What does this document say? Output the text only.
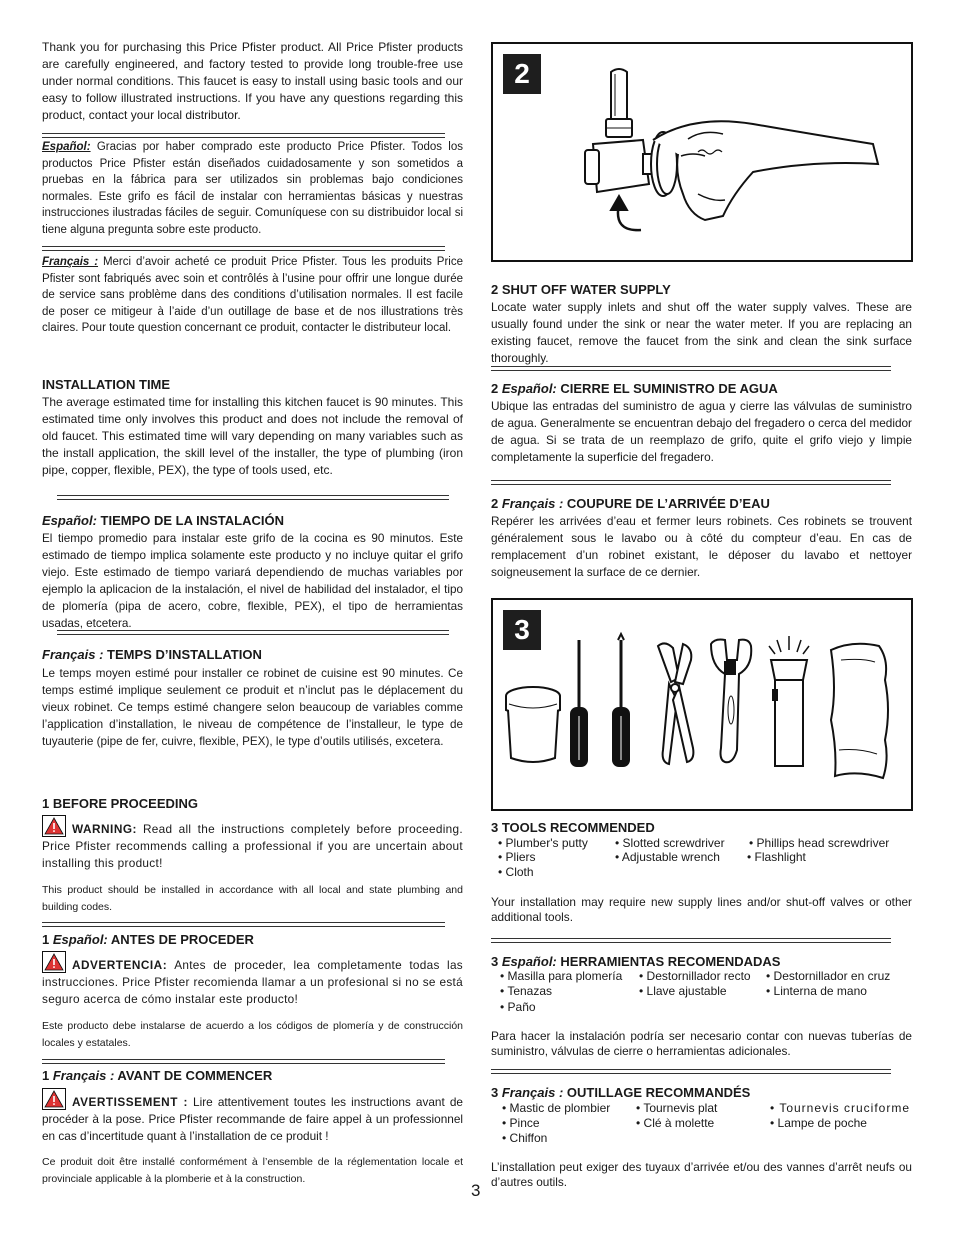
Thank you for purchasing this Price Pfister product. All Price Pfister products are carefully engineered, and factory tested to provide long trouble-free use under normal conditions. This faucet is easy to install using basic tools and our easy to follow illustrated instructions. If you have any questions regarding this product, contact your local distributor.

Español: Gracias por haber comprado este producto Price Pfister. Todos los productos Price Pfister están diseñados cuidadosamente y son sometidos a pruebas en la fábrica para ser utilizados sin problemas bajo condiciones normales. Este grifo es fácil de instalar con herramientas básicas y nuestras instrucciones ilustradas fáciles de seguir. Comuníquese con su distribuidor local si tiene alguna pregunta sobre este producto.

Français : Merci d’avoir acheté ce produit Price Pfister. Tous les produits Price Pfister sont fabriqués avec soin et contrôlés à l’usine pour offrir une longue durée de service sans problème dans des conditions d’utilisation normales. Il est facile de poser ce mitigeur à l’aide d’un outillage de base et de nos illustrations très claires. Pour toute question concernant ce produit, contacter le distributeur local.

INSTALLATION TIME

The average estimated time for installing this kitchen faucet is 90 minutes. This estimated time only involves this product and does not include the removal of old faucet. This estimated time will vary depending on many variables such as the install application, the skill level of the installer, the type of plumbing (iron pipe, copper, flexible, PEX), the type of tools used, etc.

Español: TIEMPO DE LA INSTALACIÓN

El tiempo promedio para instalar este grifo de la cocina es 90 minutos. Este estimado de tiempo implica solamente este producto y no incluye quitar el grifo viejo. Este estimado de tiempo variará dependiendo de muchas variables por ejemplo la aplicacion de la instalación, el nivel de habilidad del instalador, el tipo de plomería (pipa de acero, cobre, flexible, PEX), el tipo de herramientas usadas, etcetera.

Français : TEMPS D’INSTALLATION

Le temps moyen estimé pour installer ce robinet de cuisine est 90 minutes. Ce temps estimé implique seulement ce produit et n’inclut pas le déplacement du vieux robinet. Ce temps estimé changere selon beaucoup de variables comme l’application d’installation, le niveau de compétence de l’installeur, le type de tuyauterie (pipe de fer, cuivre, flexible, PEX), le type d’outils utilisés, excetera.

1 BEFORE PROCEEDING

WARNING: Read all the instructions completely before proceeding. Price Pfister recommends calling a professional if you are uncertain about installing this product!

This product should be installed in accordance with all local and state plumbing and building codes.

1 Español: ANTES DE PROCEDER

ADVERTENCIA: Antes de proceder, lea completamente todas las instrucciones. Price Pfister recomienda llamar a un profesional si no se está seguro acerca de cómo instalar este producto!

Este producto debe instalarse de acuerdo a los códigos de plomería y de construcción locales y estatales.

1 Français : AVANT DE COMMENCER

AVERTISSEMENT : Lire attentivement toutes les instructions avant de procéder à la pose. Price Pfister recommande de faire appel à un professionnel en cas d’incertitude quant à l’installation de ce produit !

Ce produit doit être installé conformément à l’ensemble de la réglementation locale et provinciale applicable à la plomberie et à la construction.

3
2
2 SHUT OFF WATER SUPPLY

Locate water supply inlets and shut off the water supply valves. These are usually found under the sink or near the water meter. If you are replacing an existing faucet, remove the faucet from the sink and clean the sink surface thoroughly.

2 Español: CIERRE EL SUMINISTRO DE AGUA

Ubique las entradas del suministro de agua y cierre las válvulas de suministro de agua. Generalmente se encuentran debajo del fregadero o cerca del medidor de agua. Si se trata de un reemplazo de grifo, quite el grifo viejo y limpie completamente la superficie del fregadero.

2 Français : COUPURE DE L’ARRIVÉE D’EAU

Repérer les arrivées d’eau et fermer leurs robinets. Ces robinets se trouvent généralement sous le lavabo ou à côté du compteur d’eau. En cas de remplacement d’un robinet existant, le déposer du lavabo et nettoyer soigneusement la surface de ce dernier.

3
3 TOOLS RECOMMENDED
• Plumber's putty • Slotted screwdriver • Phillips head screwdriver
• Pliers	• Adjustable wrench • Flashlight
• Cloth

Your installation may require new supply lines and/or shut-off valves or other additional tools.

3 Español: HERRAMIENTAS RECOMENDADAS
• Masilla para plomería • Destornillador recto • Destornillador en cruz
• Tenazas	• Llave ajustable	• Linterna de mano
• Paño

Para hacer la instalación podría ser necesario contar con nuevas tuberías de suministro, válvulas de cierre o herramientas adicionales.

3 Français : OUTILLAGE RECOMMANDÉS
• Mastic de plombier • Tournevis plat	• Tournevis cruciforme
• Pince	• Clé à molette	• Lampe de poche
• Chiffon

L’installation peut exiger des tuyaux d’arrivée et/ou des vannes d’arrêt neufs ou d’autres outils.
